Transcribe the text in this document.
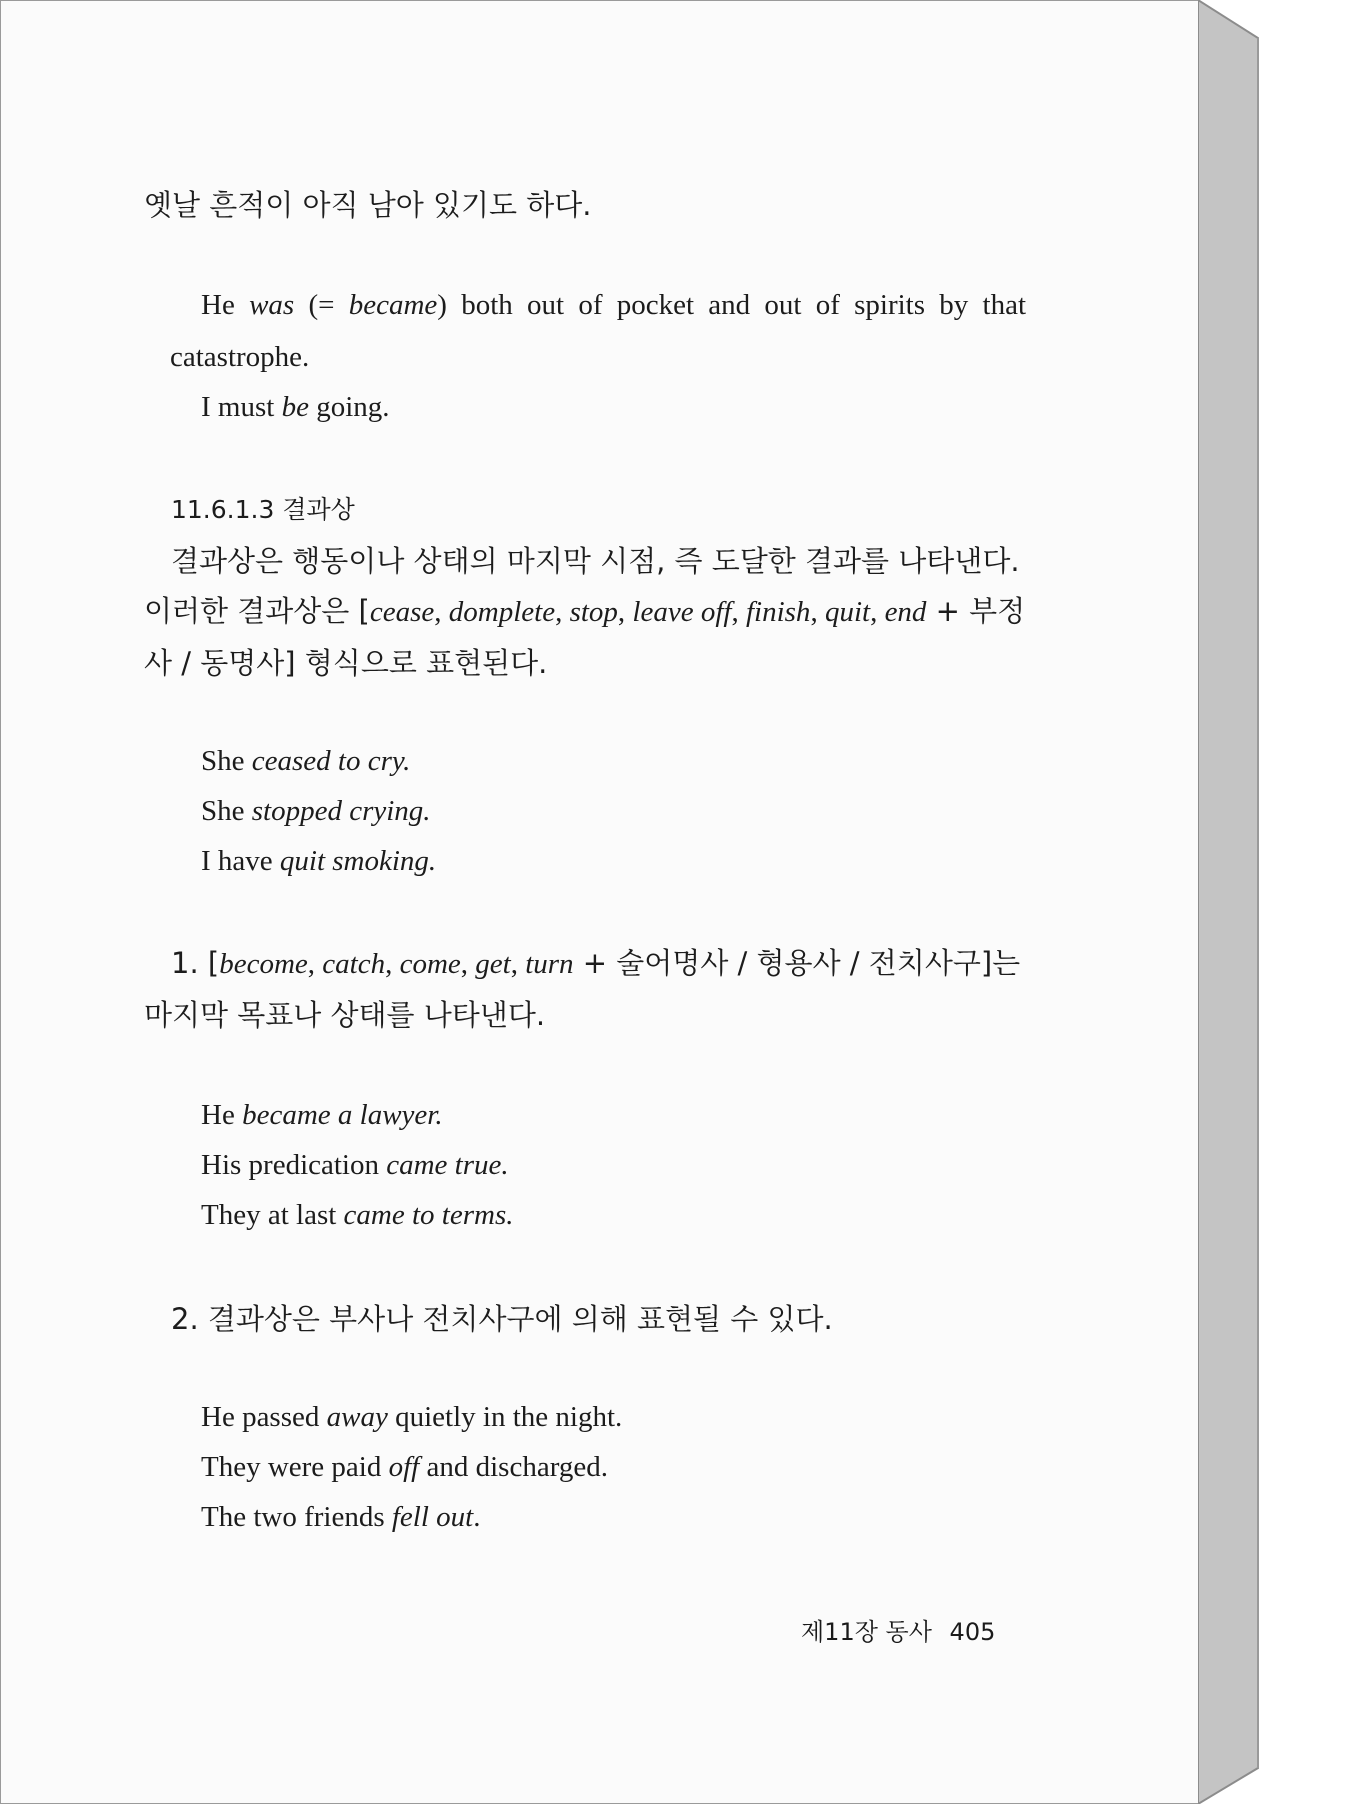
옛날 흔적이 아직 남아 있기도 하다.

He was (= became) both out of pocket and out of spirits by that

catastrophe.

I must be going.

11.6.1.3 결과상

결과상은 행동이나 상태의 마지막 시점, 즉 도달한 결과를 나타낸다.

이러한 결과상은 [cease, domplete, stop, leave off, finish, quit, end + 부정

사 / 동명사] 형식으로 표현된다.

She ceased to cry.

She stopped crying.

I have quit smoking.

1. [become, catch, come, get, turn + 술어명사 / 형용사 / 전치사구]는

마지막 목표나 상태를 나타낸다.

He became a lawyer.

His predication came true.

They at last came to terms.

2. 결과상은 부사나 전치사구에 의해 표현될 수 있다.

He passed away quietly in the night.

They were paid off and discharged.

The two friends fell out.

제11장 동사 405
